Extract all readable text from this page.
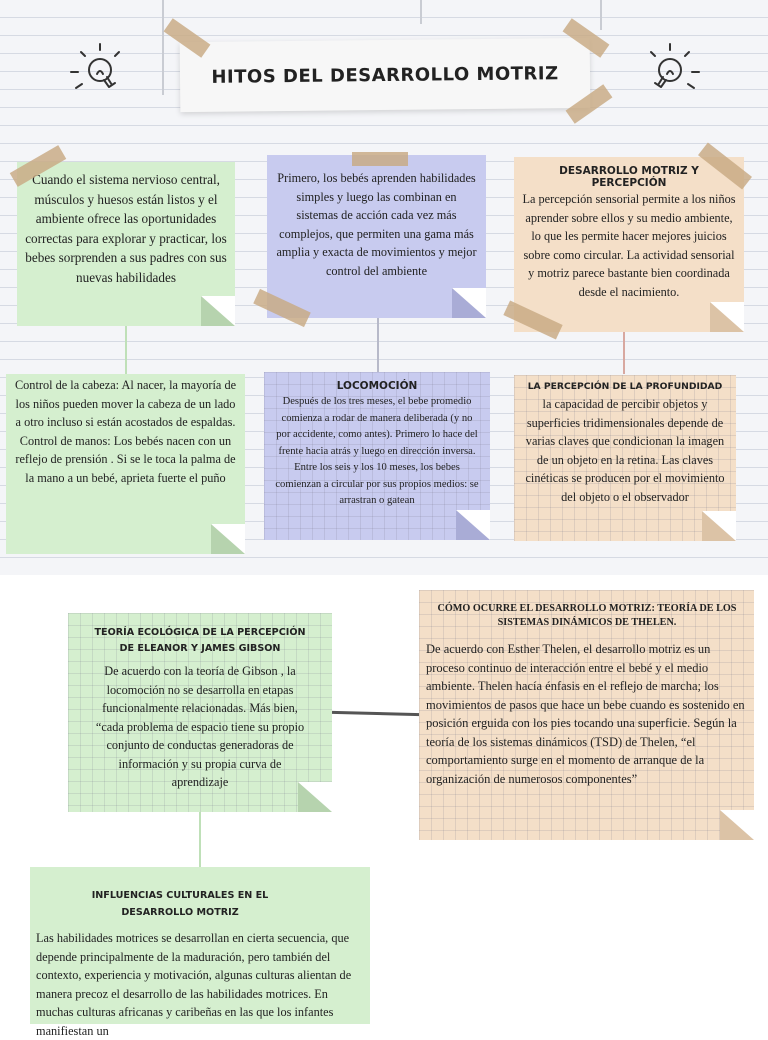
HITOS DEL DESARROLLO MOTRIZ
Cuando el sistema nervioso central, músculos y huesos están listos y el ambiente ofrece las oportunidades correctas para explorar y practicar, los bebes sorprenden a sus padres con sus nuevas habilidades
Primero, los bebés aprenden habilidades simples y luego las combinan en sistemas de acción cada vez más complejos, que permiten una gama más amplia y exacta de movimientos y mejor control del ambiente
DESARROLLO MOTRIZ Y PERCEPCIÓN
La percepción sensorial permite a los niños aprender sobre ellos y su medio ambiente, lo que les permite hacer mejores juicios sobre como circular. La actividad sensorial y motriz parece bastante bien coordinada desde el nacimiento.
Control de la cabeza: Al nacer, la mayoría de los niños pueden mover la cabeza de un lado a otro incluso si están acostados de espaldas. Control de manos: Los bebés nacen con un reflejo de prensión . Si se le toca la palma de la mano a un bebé, aprieta fuerte el puño
LOCOMOCIÓN
Después de los tres meses, el bebe promedio comienza a rodar de manera deliberada (y no por accidente, como antes). Primero lo hace del frente hacia atrás y luego en dirección inversa. Entre los seis y los 10 meses, los bebes comienzan a circular por sus propios medios: se arrastran o gatean
LA PERCEPCIÓN DE LA PROFUNDIDAD
la capacidad de percibir objetos y superficies tridimensionales depende de varias claves que condicionan la imagen de un objeto en la retina. Las claves cinéticas se producen por el movimiento del objeto o el observador
TEORÍA ECOLÓGICA DE LA PERCEPCIÓN DE ELEANOR Y JAMES GIBSON
De acuerdo con la teoría de Gibson , la locomoción no se desarrolla en etapas funcionalmente relacionadas. Más bien, “cada problema de espacio tiene su propio conjunto de conductas generadoras de información y su propia curva de aprendizaje
CÓMO OCURRE EL DESARROLLO MOTRIZ: TEORÍA DE LOS SISTEMAS DINÁMICOS DE THELEN.
De acuerdo con Esther Thelen, el desarrollo motriz es un proceso continuo de interacción entre el bebé y el medio ambiente. Thelen hacía énfasis en el reflejo de marcha; los movimientos de pasos que hace un bebe cuando es sostenido en posición erguida con los pies tocando una superficie. Según la teoría de los sistemas dinámicos (TSD) de Thelen, “el comportamiento surge en el momento de arranque de la organización de numerosos componentes”
INFLUENCIAS CULTURALES EN EL DESARROLLO MOTRIZ
Las habilidades motrices se desarrollan en cierta secuencia, que depende principalmente de la maduración, pero también del contexto, experiencia y motivación, algunas culturas alientan de manera precoz el desarrollo de las habilidades motrices. En muchas culturas africanas y caribeñas en las que los infantes manifiestan un
